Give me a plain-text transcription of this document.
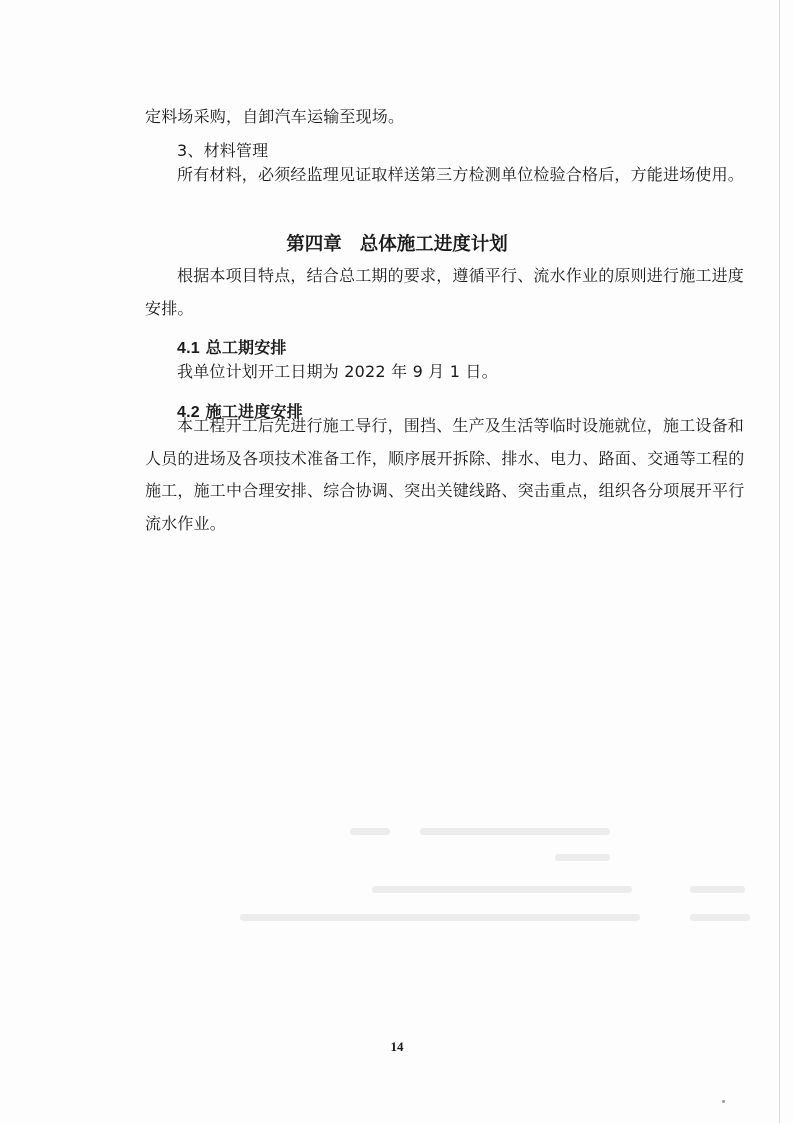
定料场采购，自卸汽车运输至现场。
3、材料管理
所有材料，必须经监理见证取样送第三方检测单位检验合格后，方能进场使用。
第四章 总体施工进度计划
根据本项目特点，结合总工期的要求，遵循平行、流水作业的原则进行施工进度安排。
4.1 总工期安排
我单位计划开工日期为 2022 年 9 月 1 日。
4.2 施工进度安排
本工程开工后先进行施工导行，围挡、生产及生活等临时设施就位，施工设备和人员的进场及各项技术准备工作，顺序展开拆除、排水、电力、路面、交通等工程的施工，施工中合理安排、综合协调、突出关键线路、突击重点，组织各分项展开平行流水作业。
14
